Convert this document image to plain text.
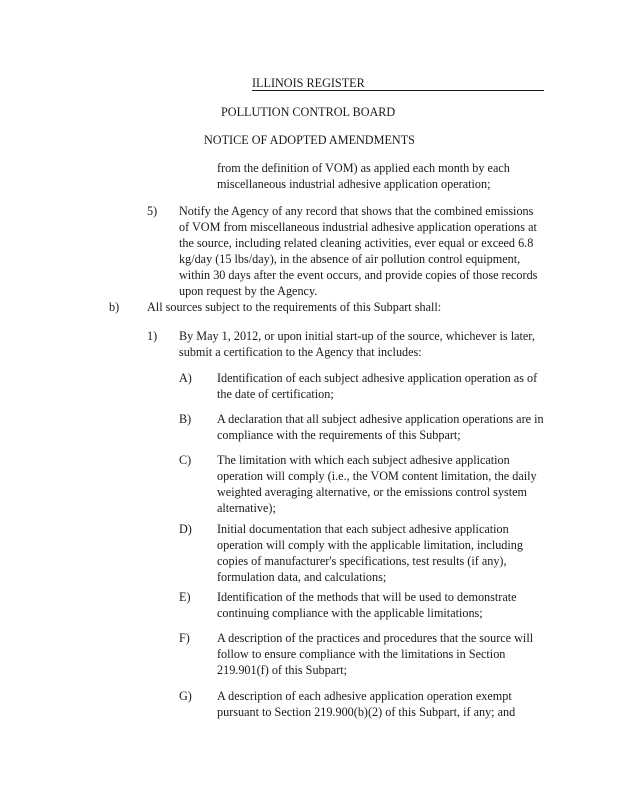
ILLINOIS REGISTER
POLLUTION CONTROL BOARD
NOTICE OF ADOPTED AMENDMENTS
from the definition of VOM) as applied each month by each
miscellaneous industrial adhesive application operation;
5) Notify the Agency of any record that shows that the combined emissions
of VOM from miscellaneous industrial adhesive application operations at
the source, including related cleaning activities, ever equal or exceed 6.8
kg/day (15 lbs/day), in the absence of air pollution control equipment,
within 30 days after the event occurs, and provide copies of those records
upon request by the Agency.
b) All sources subject to the requirements of this Subpart shall:
1) By May 1, 2012, or upon initial start-up of the source, whichever is later,
submit a certification to the Agency that includes:
A) Identification of each subject adhesive application operation as of
the date of certification;
B) A declaration that all subject adhesive application operations are in
compliance with the requirements of this Subpart;
C) The limitation with which each subject adhesive application
operation will comply (i.e., the VOM content limitation, the daily
weighted averaging alternative, or the emissions control system
alternative);
D) Initial documentation that each subject adhesive application
operation will comply with the applicable limitation, including
copies of manufacturer's specifications, test results (if any),
formulation data, and calculations;
E) Identification of the methods that will be used to demonstrate
continuing compliance with the applicable limitations;
F) A description of the practices and procedures that the source will
follow to ensure compliance with the limitations in Section
219.901(f) of this Subpart;
G) A description of each adhesive application operation exempt
pursuant to Section 219.900(b)(2) of this Subpart, if any; and
